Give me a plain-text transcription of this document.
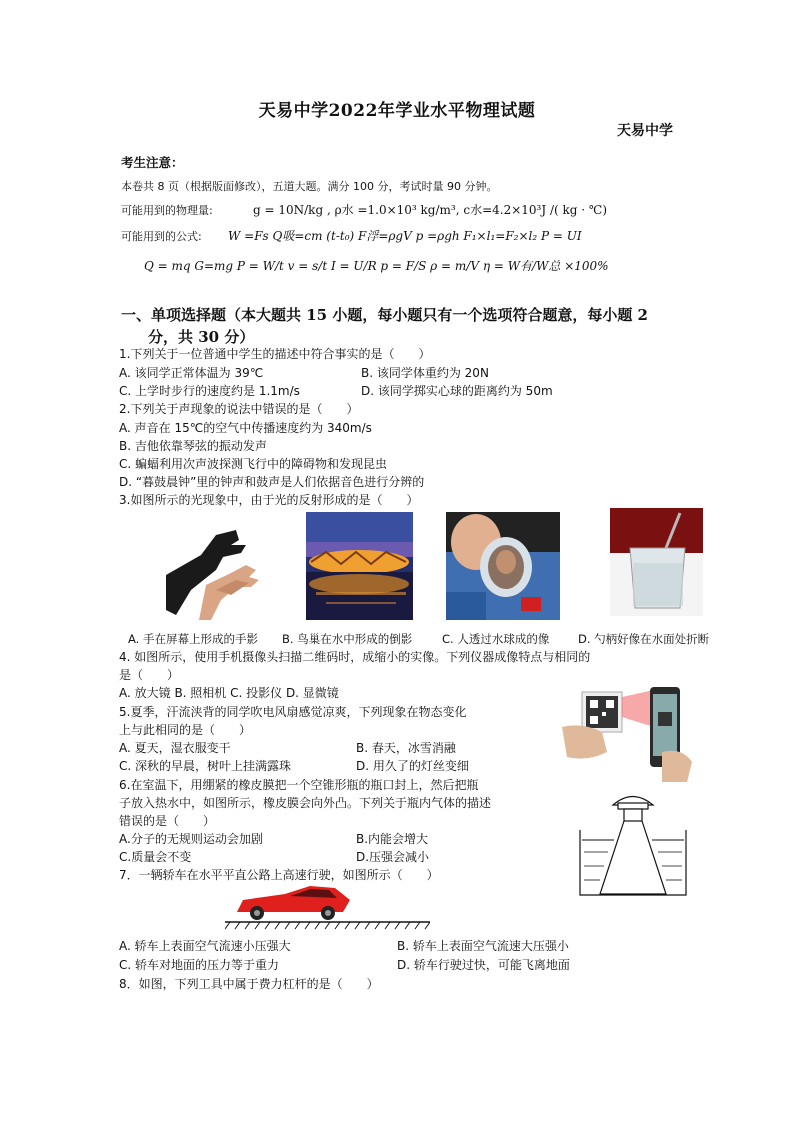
天易中学2022年学业水平物理试题
天易中学
考生注意：
本卷共 8 页（根据版面修改），五道大题。满分 100 分，考试时量 90 分钟。
可能用到的物理量:	g = 10N/kg , ρ水 =1.0×10³ kg/m³, c水=4.2×10³J /( kg · ℃)
可能用到的公式: W =Fs Q吸=cm (t-t₀) F浮=ρgV p =ρgh F₁×l₁=F₂×l₂ P = UI
Q = mq G=mg P = W/t v = s/t I = U/R p = F/S ρ = m/V η = W有/W总 ×100%
一、单项选择题（本大题共 15 小题，每小题只有一个选项符合题意，每小题 2
分，共 30 分）
1.下列关于一位普通中学生的描述中符合事实的是（　　）
A. 该同学正常体温为 39℃	B. 该同学体重约为 20N
C. 上学时步行的速度约是 1.1m/s	D. 该同学掷实心球的距离约为 50m
2.下列关于声现象的说法中错误的是（　　）
A. 声音在 15℃的空气中传播速度约为 340m/s
B. 吉他依靠琴弦的振动发声
C. 蝙蝠利用次声波探测飞行中的障碍物和发现昆虫
D. “暮鼓晨钟”里的钟声和鼓声是人们依据音色进行分辨的
3.如图所示的光现象中，由于光的反射形成的是（　　）
A. 手在屏幕上形成的手影 B. 鸟巢在水中形成的倒影	C. 人透过水球成的像 D. 勺柄好像在水面处折断
4. 如图所示，使用手机摄像头扫描二维码时，成缩小的实像。下列仪器成像特点与相同的
是（　　）
A. 放大镜 B. 照相机 C. 投影仪 D. 显微镜
5.夏季，汗流浃背的同学吹电风扇感觉凉爽，下列现象在物态变化
上与此相同的是（　　）
A. 夏天，湿衣服变干	B. 春天，冰雪消融
C. 深秋的早晨，树叶上挂满露珠	D. 用久了的灯丝变细
6.在室温下，用绷紧的橡皮膜把一个空锥形瓶的瓶口封上，然后把瓶
子放入热水中，如图所示，橡皮膜会向外凸。下列关于瓶内气体的描述
错误的是（　　）
A.分子的无规则运动会加剧	B.内能会增大
C.质量会不变	D.压强会减小
7．一辆轿车在水平平直公路上高速行驶，如图所示（　　）
A. 轿车上表面空气流速小压强大	B. 轿车上表面空气流速大压强小
C. 轿车对地面的压力等于重力	D. 轿车行驶过快，可能飞离地面
8．如图，下列工具中属于费力杠杆的是（　　）
